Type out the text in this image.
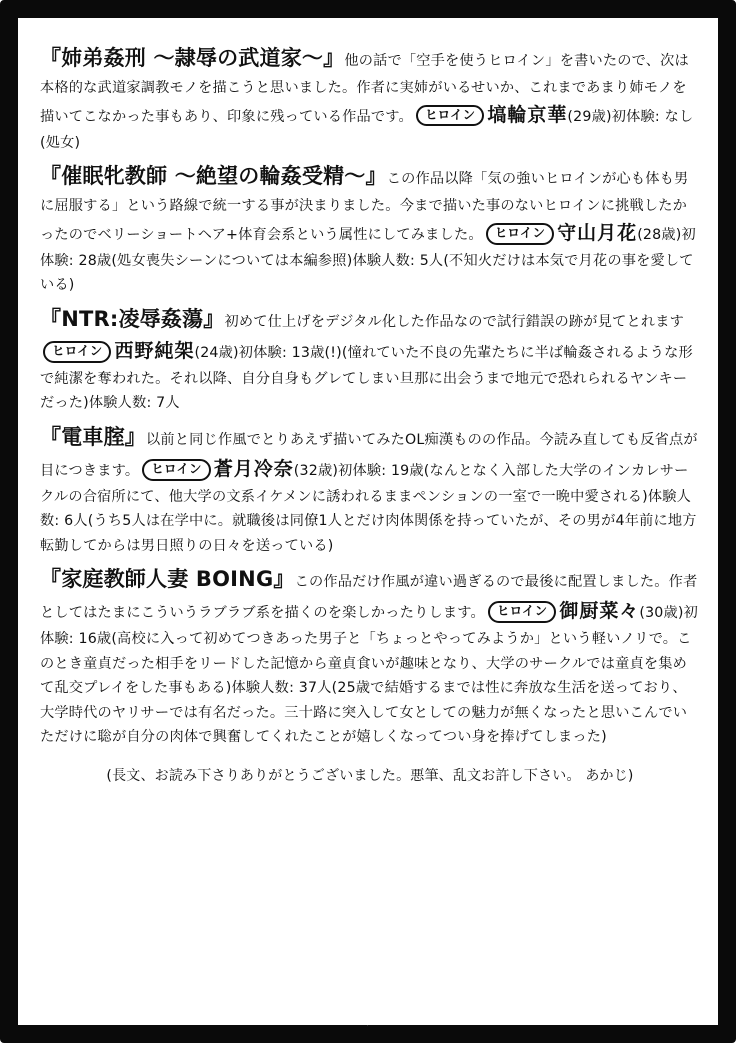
✦
✦
✦
✦
✦
✦

『姉弟姦刑 ～隷辱の武道家～』他の話で「空手を使うヒロイン」を書いたので、次は本格的な武道家調教モノを描こうと思いました。作者に実姉がいるせいか、これまであまり姉モノを描いてこなかった事もあり、印象に残っている作品です。 ヒロイン 塙輪京華(29歳)初体験: なし(処女)

『催眠牝教師 ～絶望の輪姦受精～』この作品以降「気の強いヒロインが心も体も男に屈服する」という路線で統一する事が決まりました。今まで描いた事のないヒロインに挑戦したかったのでベリーショートヘア+体育会系という属性にしてみました。 ヒロイン 守山月花(28歳)初体験: 28歳(処女喪失シーンについては本編参照)体験人数: 5人(不知火だけは本気で月花の事を愛している)

『NTR:凌辱姦蕩』初めて仕上げをデジタル化した作品なので試行錯誤の跡が見てとれますヒロイン 西野純架(24歳)初体験: 13歳(!)(憧れていた不良の先輩たちに半ば輪姦されるような形で純潔を奪われた。それ以降、自分自身もグレてしまい旦那に出会うまで地元で恐れられるヤンキーだった)体験人数: 7人

『電車腟』以前と同じ作風でとりあえず描いてみたOL痴漢ものの作品。今読み直しても反省点が目につきます。 ヒロイン 蒼月冷奈(32歳)初体験: 19歳(なんとなく入部した大学のインカレサークルの合宿所にて、他大学の文系イケメンに誘われるままペンションの一室で一晩中愛される)体験人数: 6人(うち5人は在学中に。就職後は同僚1人とだけ肉体関係を持っていたが、その男が4年前に地方転勤してからは男日照りの日々を送っている)

『家庭教師人妻 BOING』この作品だけ作風が違い過ぎるので最後に配置しました。作者としてはたまにこういうラブラブ系を描くのを楽しかったりします。 ヒロイン 御厨菜々(30歳)初体験: 16歳(高校に入って初めてつきあった男子と「ちょっとやってみようか」という軽いノリで。このとき童貞だった相手をリードした記憶から童貞食いが趣味となり、大学のサークルでは童貞を集めて乱交プレイをした事もある)体験人数: 37人(25歳で結婚するまでは性に奔放な生活を送っており、大学時代のヤリサーでは有名だった。三十路に突入して女としての魅力が無くなったと思いこんでいただけに聡が自分の肉体で興奮してくれたことが嬉しくなってつい身を捧げてしまった)

(長文、お読み下さりありがとうございました。悪筆、乱文お許し下さい。 あかじ)
